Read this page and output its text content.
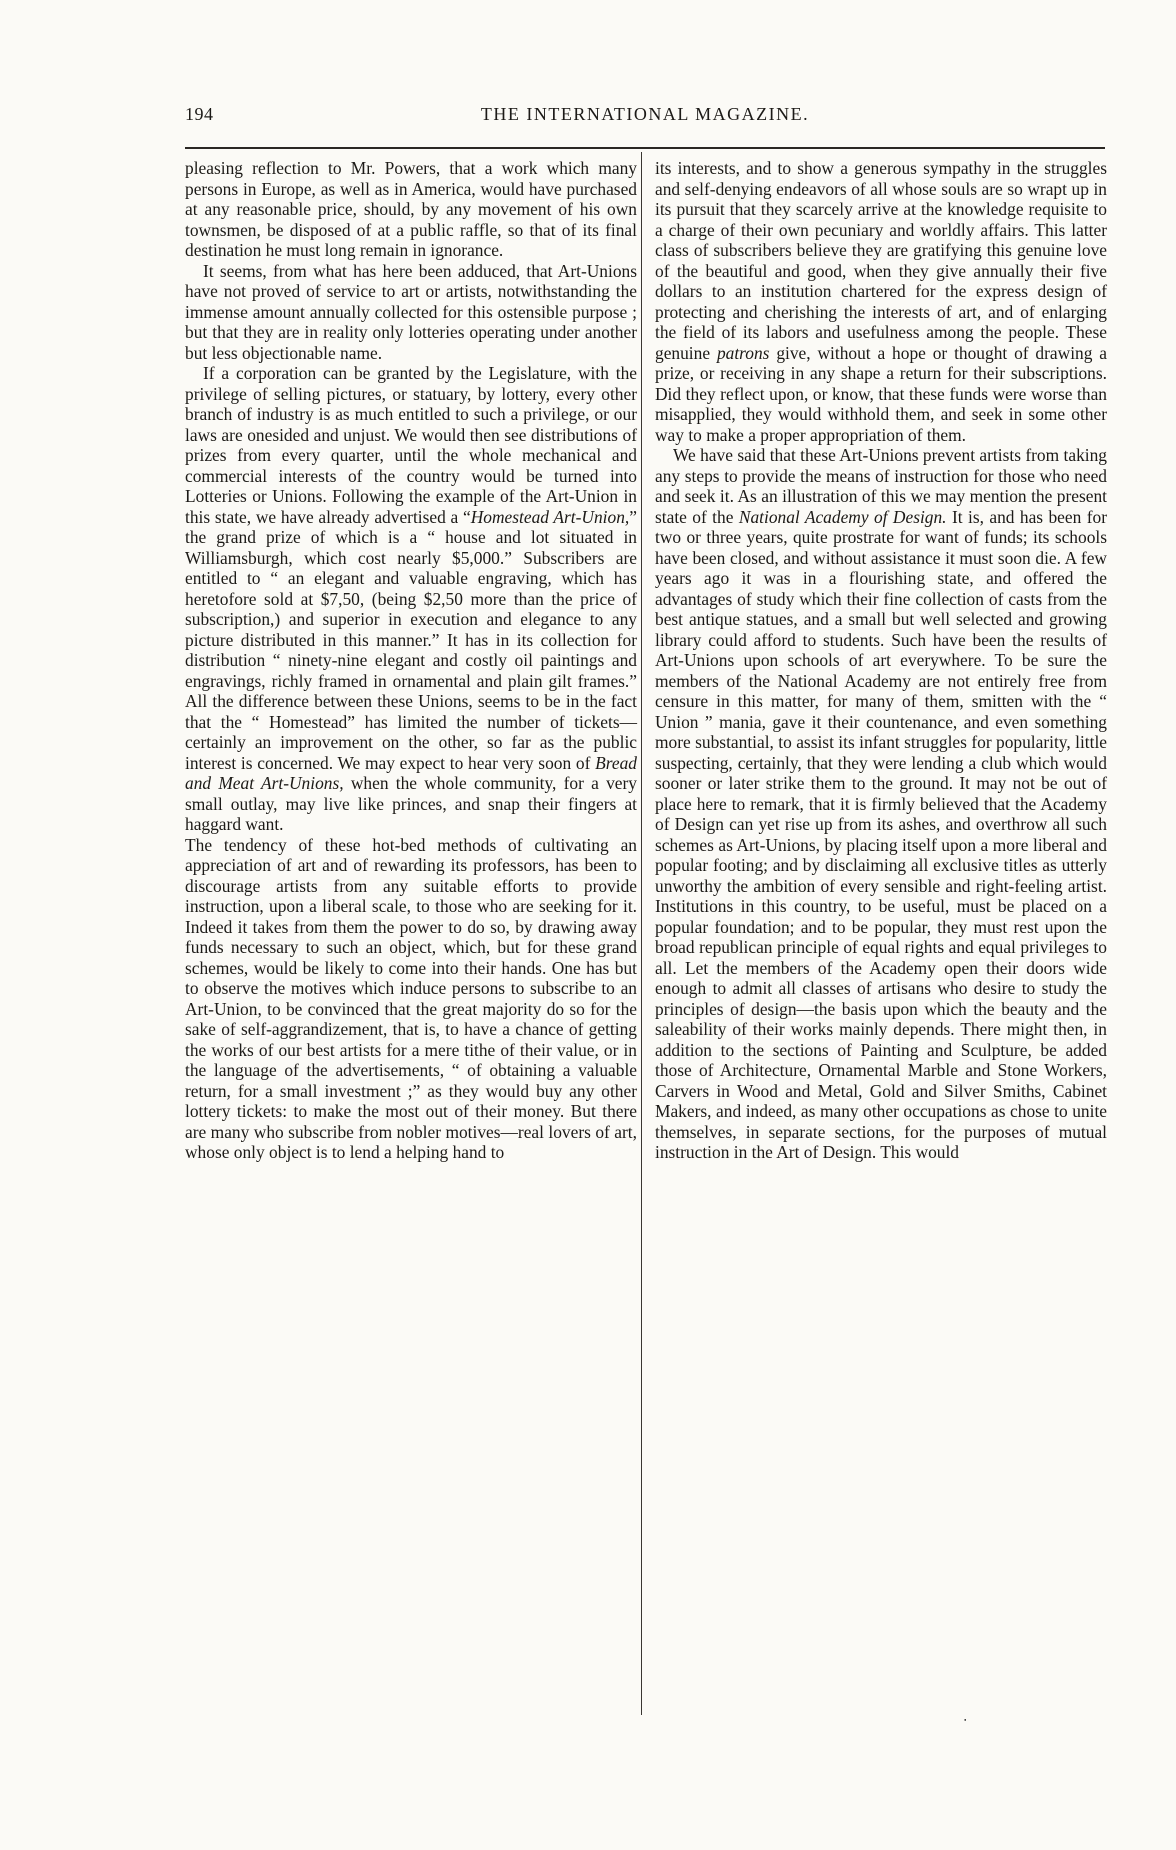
194	THE INTERNATIONAL MAGAZINE.

pleasing reflection to Mr. Powers, that a work which many persons in Europe, as well as in America, would have purchased at any reasonable price, should, by any movement of his own townsmen, be disposed of at a public raffle, so that of its final destination he must long remain in ignorance.

It seems, from what has here been adduced, that Art-Unions have not proved of service to art or artists, notwithstanding the immense amount annually collected for this ostensible purpose ; but that they are in reality only lotteries operating under another but less objectionable name.

If a corporation can be granted by the Legislature, with the privilege of selling pictures, or statuary, by lottery, every other branch of industry is as much entitled to such a privilege, or our laws are onesided and unjust. We would then see distributions of prizes from every quarter, until the whole mechanical and commercial interests of the country would be turned into Lotteries or Unions. Following the example of the Art-Union in this state, we have already advertised a “Homestead Art-Union,” the grand prize of which is a “ house and lot situated in Williamsburgh, which cost nearly $5,000.” Subscribers are entitled to “ an elegant and valuable engraving, which has heretofore sold at $7,50, (being $2,50 more than the price of subscription,) and superior in execution and elegance to any picture distributed in this manner.” It has in its collection for distribution “ ninety-nine elegant and costly oil paintings and engravings, richly framed in ornamental and plain gilt frames.” All the difference between these Unions, seems to be in the fact that the “ Homestead” has limited the number of tickets—certainly an improvement on the other, so far as the public interest is concerned. We may expect to hear very soon of Bread and Meat Art-Unions, when the whole community, for a very small outlay, may live like princes, and snap their fingers at haggard want.

The tendency of these hot-bed methods of cultivating an appreciation of art and of rewarding its professors, has been to discourage artists from any suitable efforts to provide instruction, upon a liberal scale, to those who are seeking for it. Indeed it takes from them the power to do so, by drawing away funds necessary to such an object, which, but for these grand schemes, would be likely to come into their hands. One has but to observe the motives which induce persons to subscribe to an Art-Union, to be convinced that the great majority do so for the sake of self-aggrandizement, that is, to have a chance of getting the works of our best artists for a mere tithe of their value, or in the language of the advertisements, “ of obtaining a valuable return, for a small investment ;” as they would buy any other lottery tickets: to make the most out of their money. But there are many who subscribe from nobler motives—real lovers of art, whose only object is to lend a helping hand to

its interests, and to show a generous sympathy in the struggles and self-denying endeavors of all whose souls are so wrapt up in its pursuit that they scarcely arrive at the knowledge requisite to a charge of their own pecuniary and worldly affairs. This latter class of subscribers believe they are gratifying this genuine love of the beautiful and good, when they give annually their five dollars to an institution chartered for the express design of protecting and cherishing the interests of art, and of enlarging the field of its labors and usefulness among the people. These genuine patrons give, without a hope or thought of drawing a prize, or receiving in any shape a return for their subscriptions. Did they reflect upon, or know, that these funds were worse than misapplied, they would withhold them, and seek in some other way to make a proper appropriation of them.

We have said that these Art-Unions prevent artists from taking any steps to provide the means of instruction for those who need and seek it. As an illustration of this we may mention the present state of the National Academy of Design. It is, and has been for two or three years, quite prostrate for want of funds; its schools have been closed, and without assistance it must soon die. A few years ago it was in a flourishing state, and offered the advantages of study which their fine collection of casts from the best antique statues, and a small but well selected and growing library could afford to students. Such have been the results of Art-Unions upon schools of art everywhere. To be sure the members of the National Academy are not entirely free from censure in this matter, for many of them, smitten with the “ Union ” mania, gave it their countenance, and even something more substantial, to assist its infant struggles for popularity, little suspecting, certainly, that they were lending a club which would sooner or later strike them to the ground. It may not be out of place here to remark, that it is firmly believed that the Academy of Design can yet rise up from its ashes, and overthrow all such schemes as Art-Unions, by placing itself upon a more liberal and popular footing; and by disclaiming all exclusive titles as utterly unworthy the ambition of every sensible and right-feeling artist. Institutions in this country, to be useful, must be placed on a popular foundation; and to be popular, they must rest upon the broad republican principle of equal rights and equal privileges to all. Let the members of the Academy open their doors wide enough to admit all classes of artisans who desire to study the principles of design—the basis upon which the beauty and the saleability of their works mainly depends. There might then, in addition to the sections of Painting and Sculpture, be added those of Architecture, Ornamental Marble and Stone Workers, Carvers in Wood and Metal, Gold and Silver Smiths, Cabinet Makers, and indeed, as many other occupations as chose to unite themselves, in separate sections, for the purposes of mutual instruction in the Art of Design. This would

‧
